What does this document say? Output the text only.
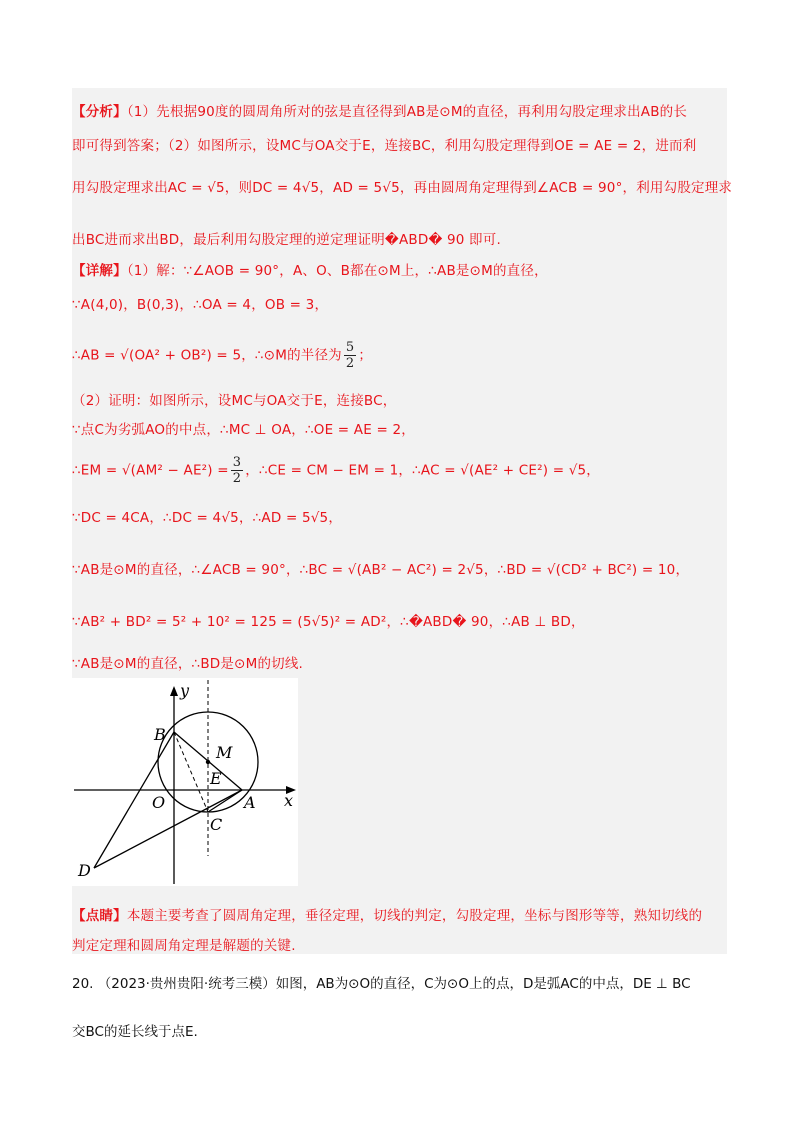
【分析】（1）先根据90度的圆周角所对的弦是直径得到AB是⊙M的直径，再利用勾股定理求出AB的长
即可得到答案；（2）如图所示，设MC与OA交于E，连接BC，利用勾股定理得到OE = AE = 2，进而利
用勾股定理求出AC = √5，则DC = 4√5，AD = 5√5，再由圆周角定理得到∠ACB = 90°，利用勾股定理求
出BC进而求出BD，最后利用勾股定理的逆定理证明�ABD� 90 即可.
【详解】（1）解：∵∠AOB = 90°，A、O、B都在⊙M上，∴AB是⊙M的直径，
∵A(4,0)，B(0,3)，∴OA = 4，OB = 3，
∴AB = √(OA² + OB²) = 5，∴⊙M的半径为 $\frac{5}{2}$ ；
（2）证明：如图所示，设MC与OA交于E，连接BC，
∵点C为劣弧AO的中点，∴MC ⊥ OA，∴OE = AE = 2，
∴EM = $√(AM^2 - AE^2) = \frac{3}{2}$ ，∴CE = CM − EM = 1，∴AC = √(AE² + CE²) = √5，
∵DC = 4CA，∴DC = 4√5，∴AD = 5√5，
∵AB是⊙M的直径，∴∠ACB = 90°，∴BC = √(AB² − AC²) = 2√5，∴BD = √(CD² + BC²) = 10，
∵AB² + BD² = 5² + 10² = 125 = (5√5)² = AD²，∴�ABD� 90，∴AB ⊥ BD，
∵AB是⊙M的直径，∴BD是⊙M的切线.
y
x
B
M
E
O	A
C
D
【点睛】本题主要考查了圆周角定理，垂径定理，切线的判定，勾股定理，坐标与图形等等，熟知切线的
判定定理和圆周角定理是解题的关键.
20. （2023·贵州贵阳·统考三模）如图，AB为⊙O的直径，C为⊙O上的点，D是弧AC的中点，DE ⊥ BC
交BC的延长线于点E.
